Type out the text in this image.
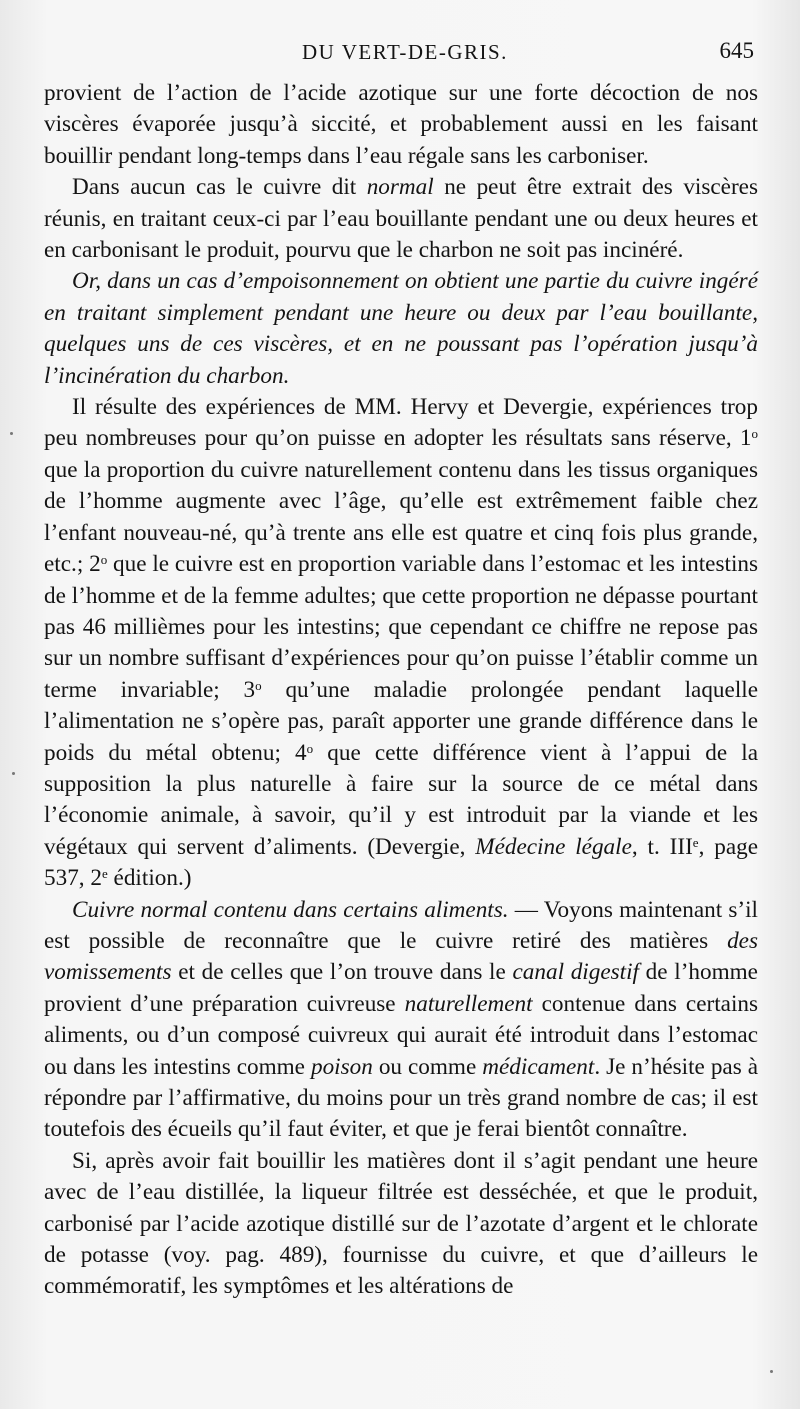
DU VERT-DE-GRIS.	645

provient de l’action de l’acide azotique sur une forte décoction de nos viscères évaporée jusqu’à siccité, et probablement aussi en les faisant bouillir pendant long-temps dans l’eau régale sans les carboniser.

Dans aucun cas le cuivre dit normal ne peut être extrait des viscères réunis, en traitant ceux-ci par l’eau bouillante pendant une ou deux heures et en carbonisant le produit, pourvu que le charbon ne soit pas incinéré.

Or, dans un cas d’empoisonnement on obtient une partie du cuivre ingéré en traitant simplement pendant une heure ou deux par l’eau bouillante, quelques uns de ces viscères, et en ne poussant pas l’opération jusqu’à l’incinération du charbon.

Il résulte des expériences de MM. Hervy et Devergie, expériences trop peu nombreuses pour qu’on puisse en adopter les résultats sans réserve, 1$^o$ que la proportion du cuivre naturellement contenu dans les tissus organiques de l’homme augmente avec l’âge, qu’elle est extrêmement faible chez l’enfant nouveau-né, qu’à trente ans elle est quatre et cinq fois plus grande, etc.; 2$^o$ que le cuivre est en proportion variable dans l’estomac et les intestins de l’homme et de la femme adultes; que cette proportion ne dépasse pourtant pas 46 millièmes pour les intestins; que cependant ce chiffre ne repose pas sur un nombre suffisant d’expériences pour qu’on puisse l’établir comme un terme invariable; 3$^o$ qu’une maladie prolongée pendant laquelle l’alimentation ne s’opère pas, paraît apporter une grande différence dans le poids du métal obtenu; 4$^o$ que cette différence vient à l’appui de la supposition la plus naturelle à faire sur la source de ce métal dans l’économie animale, à savoir, qu’il y est introduit par la viande et les végétaux qui servent d’aliments. (Devergie, Médecine légale, t. IIIe, page 537, 2e édition.)

Cuivre normal contenu dans certains aliments. — Voyons maintenant s’il est possible de reconnaître que le cuivre retiré des matières des vomissements et de celles que l’on trouve dans le canal digestif de l’homme provient d’une préparation cuivreuse naturellement contenue dans certains aliments, ou d’un composé cuivreux qui aurait été introduit dans l’estomac ou dans les intestins comme poison ou comme médicament. Je n’hésite pas à répondre par l’affirmative, du moins pour un très grand nombre de cas; il est toutefois des écueils qu’il faut éviter, et que je ferai bientôt connaître.

Si, après avoir fait bouillir les matières dont il s’agit pendant une heure avec de l’eau distillée, la liqueur filtrée est desséchée, et que le produit, carbonisé par l’acide azotique distillé sur de l’azotate d’argent et le chlorate de potasse (voy. pag. 489), fournisse du cuivre, et que d’ailleurs le commémoratif, les symptômes et les altérations de
